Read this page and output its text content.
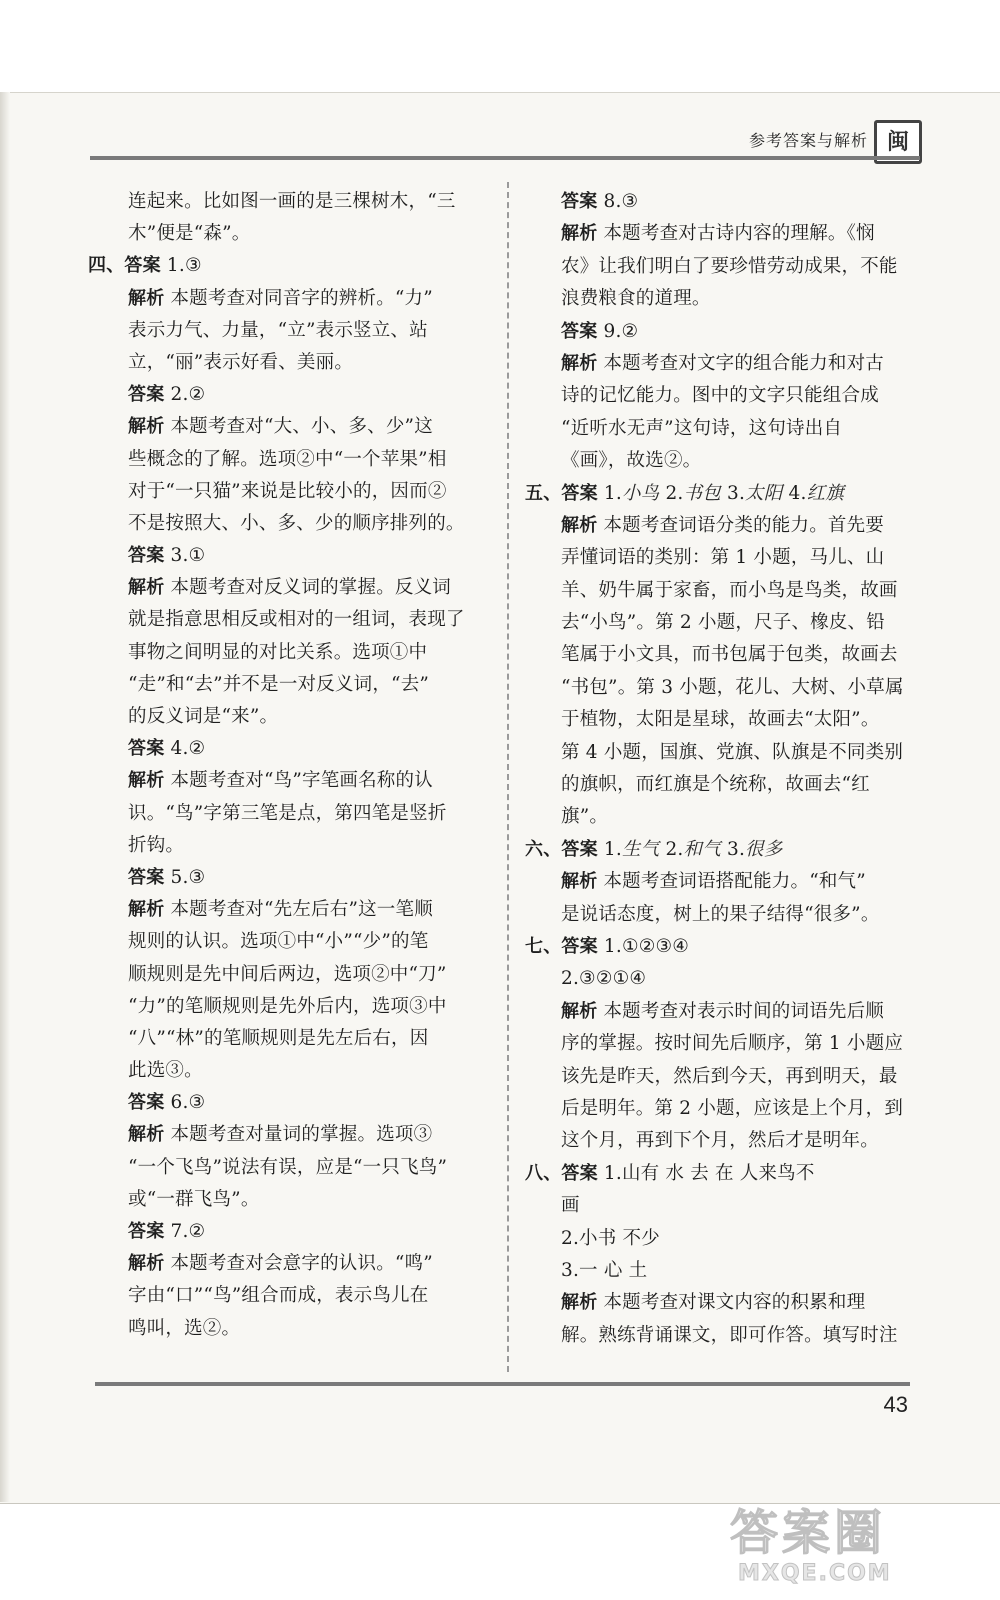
参考答案与解析 闽
连起来。比如图一画的是三棵树木，“三
木”便是“森”。
四、答案 1.③
解析 本题考查对同音字的辨析。“力”
表示力气、力量，“立”表示竖立、站
立，“丽”表示好看、美丽。
答案 2.②
解析 本题考查对“大、小、多、少”这
些概念的了解。选项②中“一个苹果”相
对于“一只猫”来说是比较小的，因而②
不是按照大、小、多、少的顺序排列的。
答案 3.①
解析 本题考查对反义词的掌握。反义词
就是指意思相反或相对的一组词，表现了
事物之间明显的对比关系。选项①中
“走”和“去”并不是一对反义词，“去”
的反义词是“来”。
答案 4.②
解析 本题考查对“鸟”字笔画名称的认
识。“鸟”字第三笔是点，第四笔是竖折
折钩。
答案 5.③
解析 本题考查对“先左后右”这一笔顺
规则的认识。选项①中“小”“少”的笔
顺规则是先中间后两边，选项②中“刀”
“力”的笔顺规则是先外后内，选项③中
“八”“林”的笔顺规则是先左后右，因
此选③。
答案 6.③
解析 本题考查对量词的掌握。选项③
“一个飞鸟”说法有误，应是“一只飞鸟”
或“一群飞鸟”。
答案 7.②
解析 本题考查对会意字的认识。“鸣”
字由“口”“鸟”组合而成，表示鸟儿在
鸣叫，选②。
答案 8.③
解析 本题考查对古诗内容的理解。《悯
农》让我们明白了要珍惜劳动成果，不能
浪费粮食的道理。
答案 9.②
解析 本题考查对文字的组合能力和对古
诗的记忆能力。图中的文字只能组合成
“近听水无声”这句诗，这句诗出自
《画》，故选②。
五、答案 1.小鸟 2.书包 3.太阳 4.红旗
解析 本题考查词语分类的能力。首先要
弄懂词语的类别：第 1 小题，马儿、山
羊、奶牛属于家畜，而小鸟是鸟类，故画
去“小鸟”。第 2 小题，尺子、橡皮、铅
笔属于小文具，而书包属于包类，故画去
“书包”。第 3 小题，花儿、大树、小草属
于植物，太阳是星球，故画去“太阳”。
第 4 小题，国旗、党旗、队旗是不同类别
的旗帜，而红旗是个统称，故画去“红
旗”。
六、答案 1.生气 2.和气 3.很多
解析 本题考查词语搭配能力。“和气”
是说话态度，树上的果子结得“很多”。
七、答案 1.①②③④
2.③②①④
解析 本题考查对表示时间的词语先后顺
序的掌握。按时间先后顺序，第 1 小题应
该先是昨天，然后到今天，再到明天，最
后是明年。第 2 小题，应该是上个月，到
这个月，再到下个月，然后才是明年。
八、答案 1.山有 水 去 在 人来鸟不
画
2.小书 不少
3.一 心 土
解析 本题考查对课文内容的积累和理
解。熟练背诵课文，即可作答。填写时注
43
答案圈
MXQE.COM
